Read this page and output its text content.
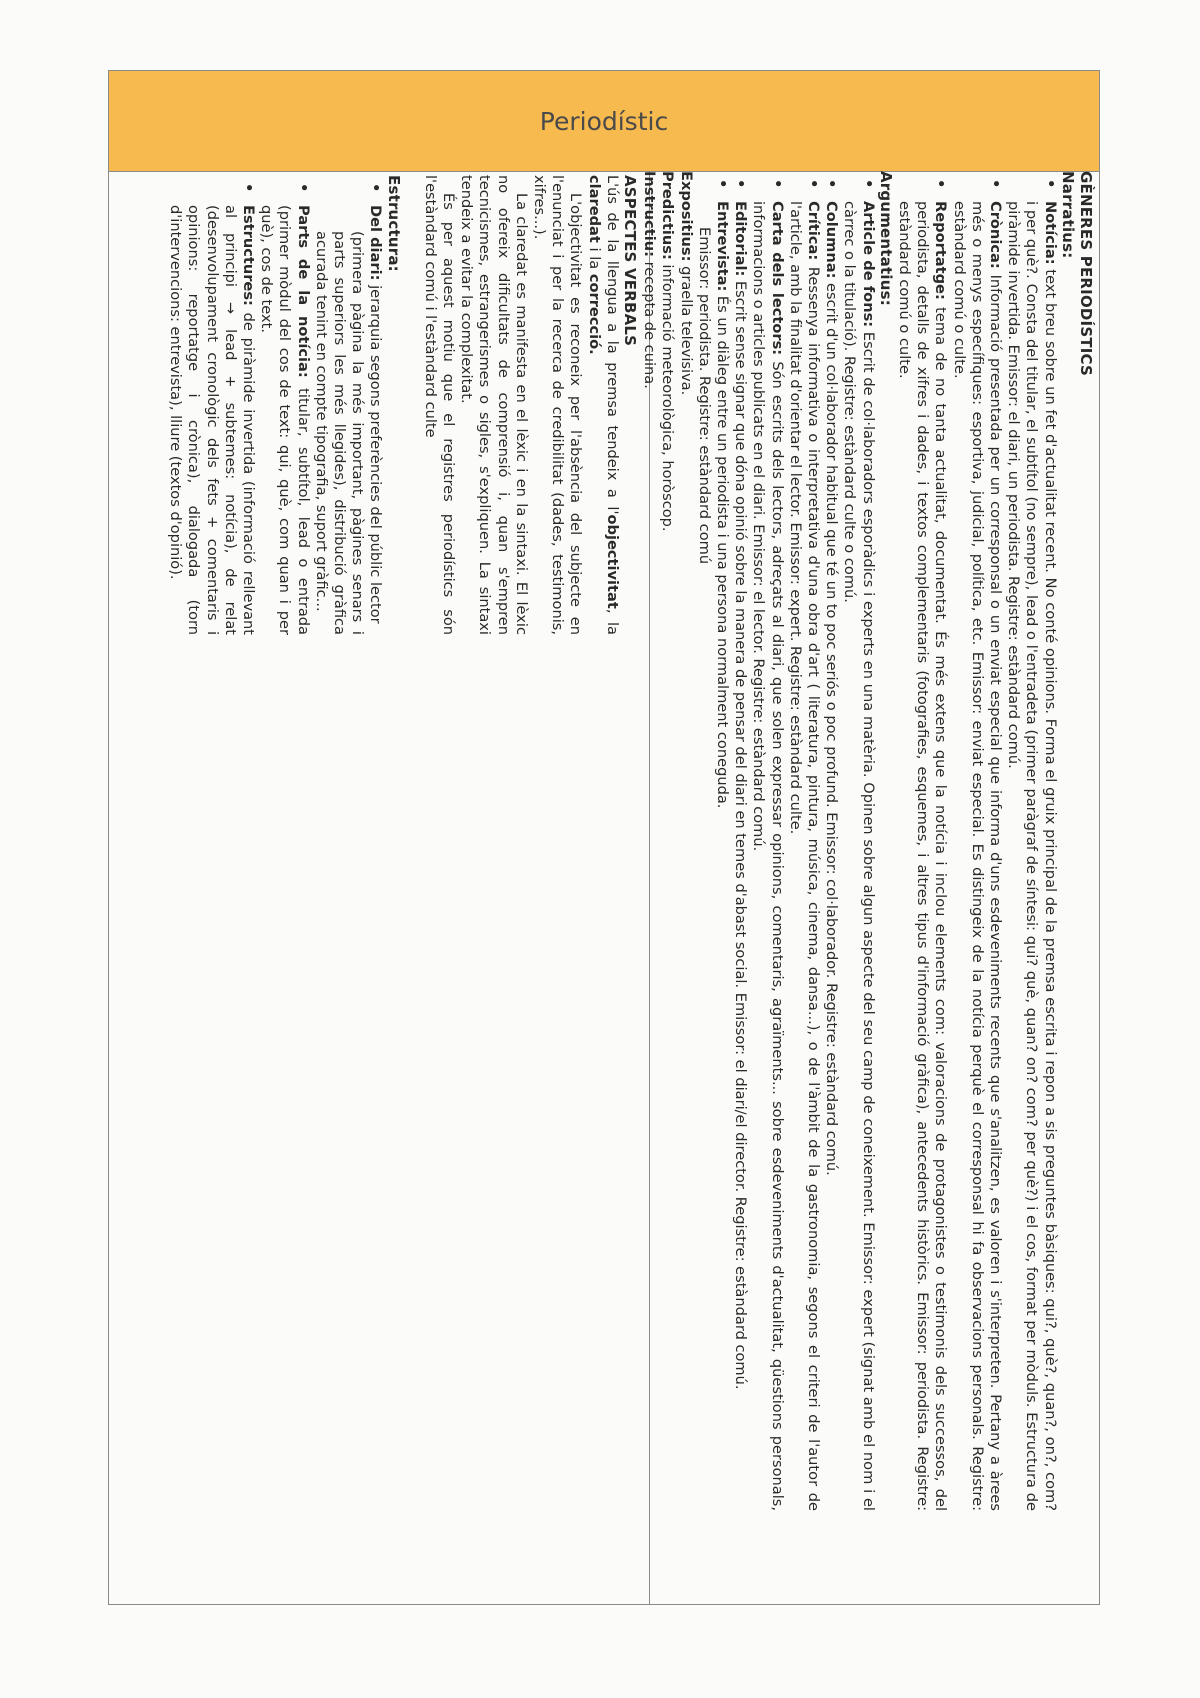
Periodístic
ASPECTES VERBALS

L'ús de la llengua a la premsa tendeix a l'objectivitat, la claredat i la correcció.

L'objectivitat es reconeix per l'absència del subjecte en l'enunciat i per la recerca de credibilitat (dades, testimonis, xifres...).

La claredat es manifesta en el lèxic i en la sintaxi. El lèxic no ofereix dificultats de comprensió i, quan s'empren tecnicismes, estrangerismes o sigles, s'expliquen. La sintaxi tendeix a evitar la complexitat.

És per aquest motiu que el registres periodístics són l'estàndard comú i l'estàndard culte

Estructura:
• Del diari: jerarquia segons preferències del públic lector
(primera pàgina la més important, pàgines senars i parts superiors les més llegides), distribució gràfica acurada tenint en compte tipografia, suport gràfic...
• Parts de la notícia: titular, subtítol, lead o entrada (primer mòdul del cos de text: qui, què, com quan i per què), cos de text.
• Estructures: de piràmide invertida (informació rellevant al principi → lead + subtemes: notícia), de relat (desenvolupament cronològic dels fets + comentaris i opinions: reportatge i crònica), dialogada (torn d'intervencions: entrevista), lliure (textos d'opinió).	GÈNERES PERIODÍSTICS
Narratius:
• Notícia: text breu sobre un fet d'actualitat recent. No conté opinions. Forma el gruix principal de la premsa escrita i repon a sis preguntes bàsiques: qui?, què?, quan?, on?, com? i per què?. Consta del titular, el subtítol (no sempre), lead o l'entradeta (primer paràgraf de síntesi: qui? què, quan? on? com? per què?) i el cos, format per mòduls. Estructura de piràmide invertida. Emissor: el diari, un periodista. Registre: estàndard comú.
• Crònica: Informació presentada per un corresponsal o un enviat especial que informa d'uns esdeveniments recents que s'analitzen, es valoren i s'interpreten. Pertany a àrees més o menys específiques: esportiva, judicial, política, etc. Emissor: enviat especial. Es distingeix de la notícia perquè el corresponsal hi fa observacions personals. Registre: estàndard comú o culte.
• Reportatge: tema de no tanta actualitat, documentat. És més extens que la notícia i inclou elements com: valoracions de protagonistes o testimonis dels successos, del periodista, detalls de xifres i dades, i textos complementaris (fotografies, esquemes, i altres tipus d'informació gràfica), antecedents històrics. Emissor: periodista. Registre: estàndard comú o culte.
Argumentatius:
• Article de fons: Escrit de col·laboradors esporàdics i experts en una matèria. Opinen sobre algun aspecte del seu camp de coneixement. Emissor: expert (signat amb el nom i el càrrec o la titulació). Registre: estàndard culte o comú.
• Columna: escrit d'un col·laborador habitual que té un to poc seriós o poc profund. Emissor: col·laborador. Registre: estàndard comú.
• Crítica: Ressenya informativa o interpretativa d'una obra d'art ( literatura, pintura, música, cinema, dansa...), o de l'àmbit de la gastronomia, segons el criteri de l'autor de l'article, amb la finalitat d'orientar el lector. Emissor: expert. Registre: estàndard culte.
• Carta dels lectors: Són escrits dels lectors, adreçats al diari, que solen expressar opinions, comentaris, agraïments... sobre esdeveniments d'actualitat, qüestions personals, informacions o articles publicats en el diari. Emissor: el lector. Registre: estàndard comú.
• Editorial: Escrit sense signar que dóna opinió sobre la manera de pensar del diari en temes d'abast social. Emissor: el diari/el director. Registre: estàndard comú.
• Entrevista: És un diàleg entre un periodista i una persona normalment coneguda.
Emissor: periodista. Registre: estàndard comú

Expositius: graella televisiva.

Predictius: informació meteorològica, horòscop.

Instructiu: recepta de cuina.
